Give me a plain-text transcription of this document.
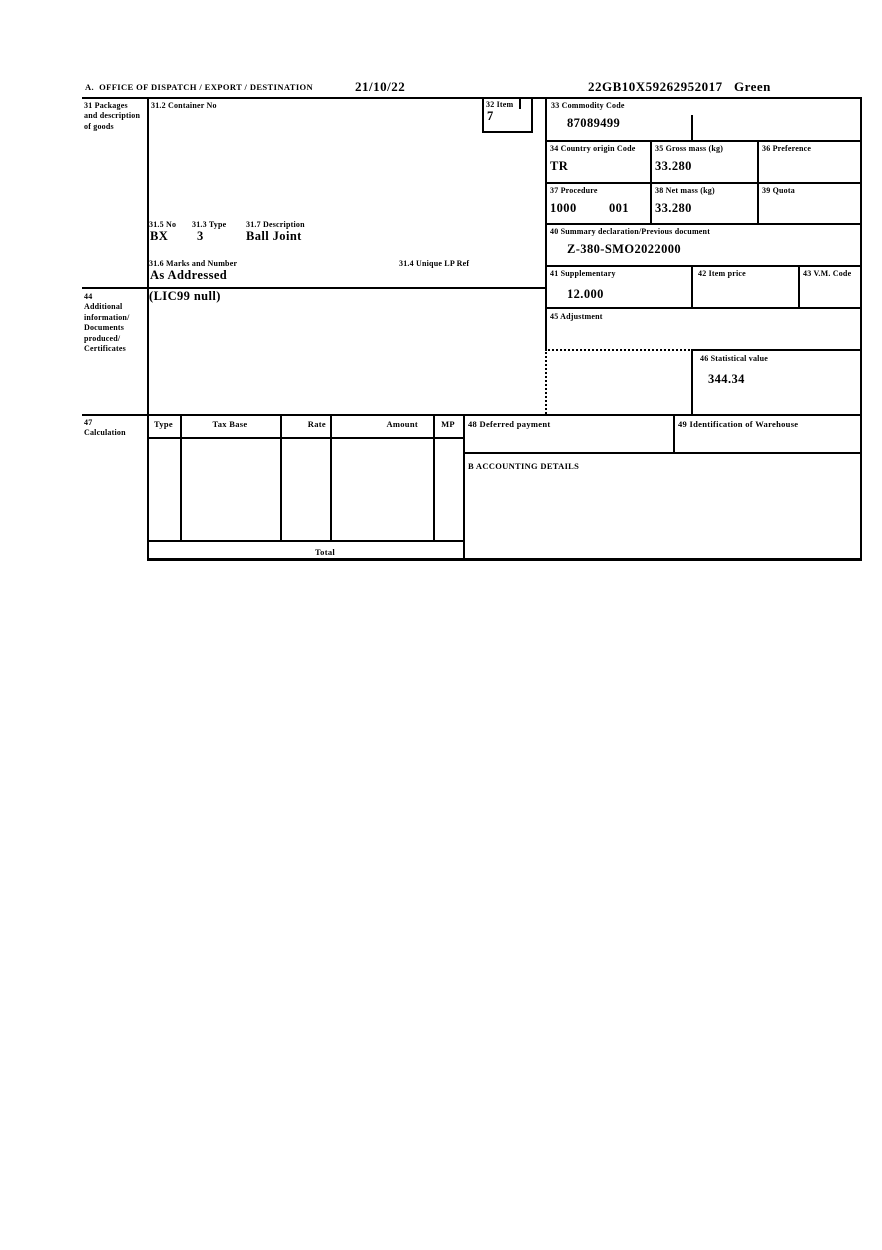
A.  OFFICE OF DISPATCH / EXPORT / DESTINATION	21/10/22	22GB10X59262952017 Green
31 Packages and description of goods
31.2 Container No	32 Item
7
31.5 No 31.3 Type 31.7 Description
BX 3	Ball Joint
31.6 Marks and Number	31.4 Unique LP Ref
As Addressed
44
Additional information/ Documents produced/ Certificates
(LIC99 null)
33 Commodity Code
87089499
34 Country origin Code
TR
35 Gross mass (kg)
33.280
36 Preference
37 Procedure
1000	001
38 Net mass (kg)
33.280
39 Quota
40 Summary declaration/Previous document
Z-380-SMO2022000
41 Supplementary
12.000
42 Item price	43 V.M. Code
45 Adjustment
46 Statistical value
344.34
47
Calculation
Type	Tax Base	Rate	Amount	MP
Total
48 Deferred payment	49 Identification of Warehouse
B ACCOUNTING DETAILS
